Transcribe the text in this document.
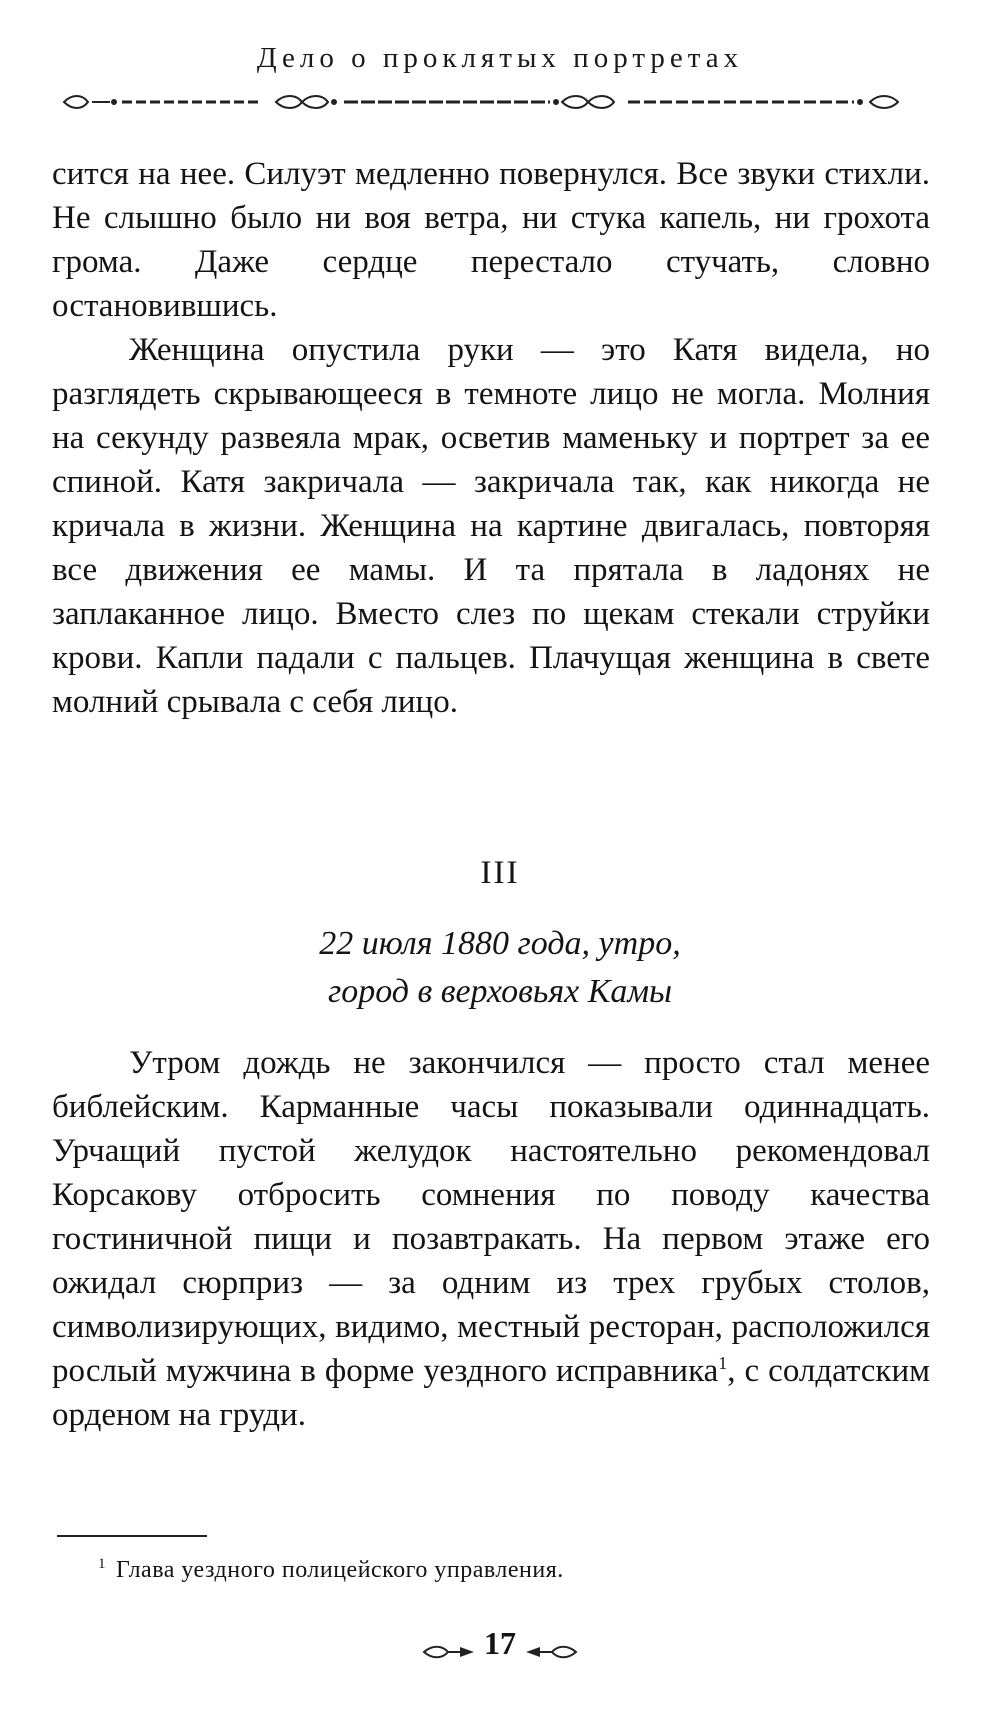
Дело о проклятых портретах

сится на нее. Силуэт медленно повернулся. Все звуки стихли. Не слышно было ни воя ветра, ни стука капель, ни грохота грома. Даже сердце перестало стучать, словно остановившись.

Женщина опустила руки — это Катя видела, но разглядеть скрывающееся в темноте лицо не могла. Молния на секунду развеяла мрак, осветив маменьку и портрет за ее спиной. Катя закричала — закричала так, как никогда не кричала в жизни. Женщина на картине двигалась, повторяя все движения ее мамы. И та прятала в ладонях не заплаканное лицо. Вместо слез по щекам стекали струйки крови. Капли падали с пальцев. Плачущая женщина в свете молний срывала с себя лицо.

III
22 июля 1880 года, утро,
город в верховьях Камы

Утром дождь не закончился — просто стал менее библейским. Карманные часы показывали одиннадцать. Урчащий пустой желудок настоятельно рекомендовал Корсакову отбросить сомнения по поводу качества гостиничной пищи и позавтракать. На первом этаже его ожидал сюрприз — за одним из трех грубых столов, символизирующих, видимо, местный ресторан, расположился рослый мужчина в форме уездного исправника$^1$, с солдатским орденом на груди.

$^1$ Глава уездного полицейского управления.
17
